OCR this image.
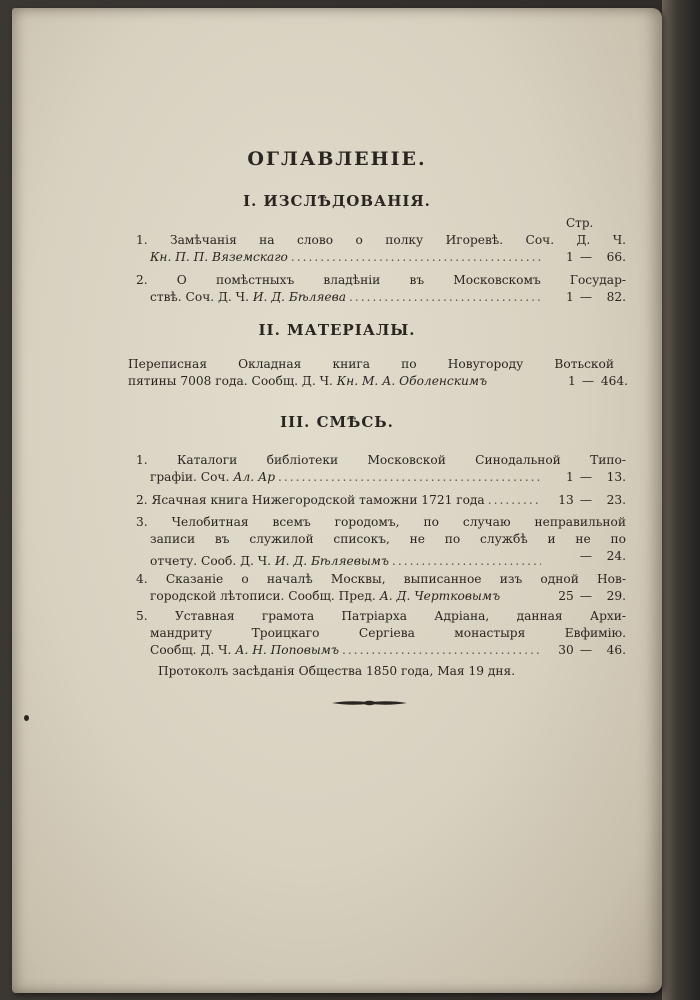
ОГЛАВЛЕНІЕ.
I. ИЗСЛѢДОВАНІЯ.
Стр.
1. Замѣчанія на слово о полку Игоревѣ. Соч. Д. Ч.
Кн. П. П. Вяземскаго .....	1 —	66.
2. О помѣстныхъ владѣніи въ Московскомъ Государ-
ствѣ. Соч. Д. Ч.
И. Д. Бѣляева .....	1 —	82.
II. МАТЕРІАЛЫ.
Переписная Окладная книга по Новугороду Вотьской
пятины 7008 года. Сообщ. Д. Ч.
Кн. М. А. Оболенскимъ	1 — 464.
III. СМѢСЬ.
1. Каталоги библіотеки Московской Синодальной Типо-
графіи. Соч.
Ал. Ар .....	1 —	13.
2. Ясачная книга Нижегородской таможни 1721 года .....	13 —	23.
3. Челобитная всемъ городомъ, по случаю неправильной
записи въ служилой списокъ, не по службѣ и не по
отчету. Сооб. Д. Ч.
И. Д. Бѣляевымъ .....	—	24.
4. Сказаніе о началѣ Москвы, выписанное изъ одной Нов-
городской лѣтописи. Сообщ. Пред.
А. Д. Чертковымъ	25 —	29.
5. Уставная грамота Патріарха Адріана, данная Архи-
мандриту Троицкаго Сергіева монастыря Евфимію.
Сообщ. Д. Ч.
А. Н. Поповымъ .....	30 —	46.
Протоколъ засѣданія Общества 1850 года, Мая 19 дня.
